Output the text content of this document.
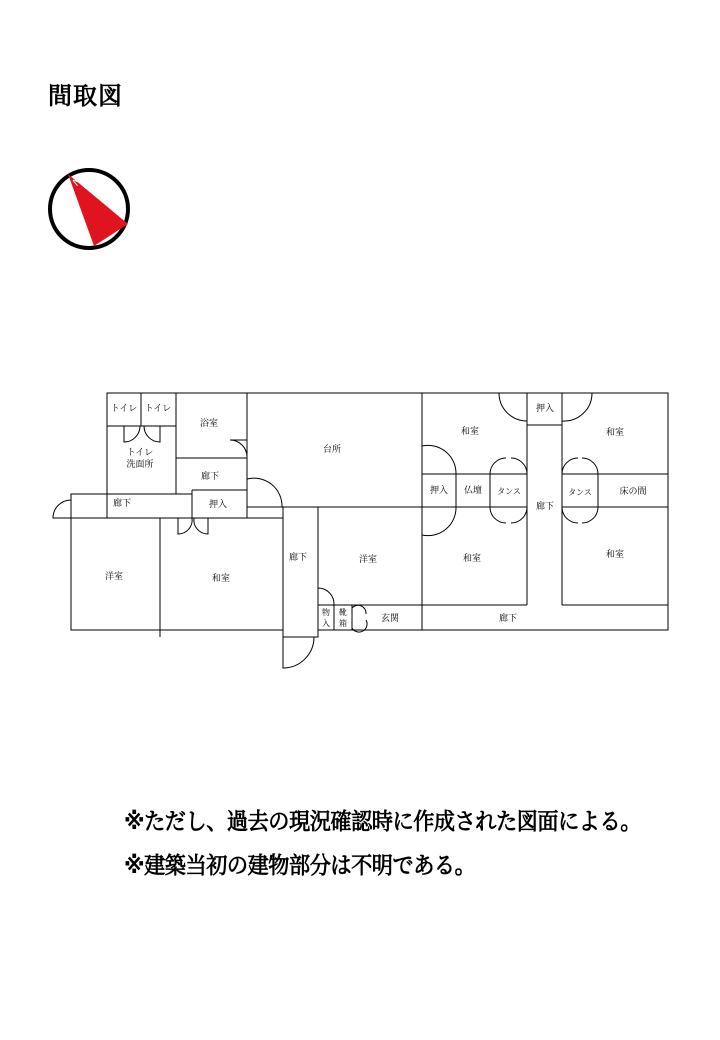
間取図
N
トイレ トイレ
浴室
トイレ
洗面所
廊下
廊下	押入
台所
和室
押入 仏壇 タンス
押入
和室
廊下
タンス	床の間
和室
洋室	和室
廊下	洋室	和室
物
入
靴
箱	玄関	廊下
※ただし、過去の現況確認時に作成された図面による。
※建築当初の建物部分は不明である。
